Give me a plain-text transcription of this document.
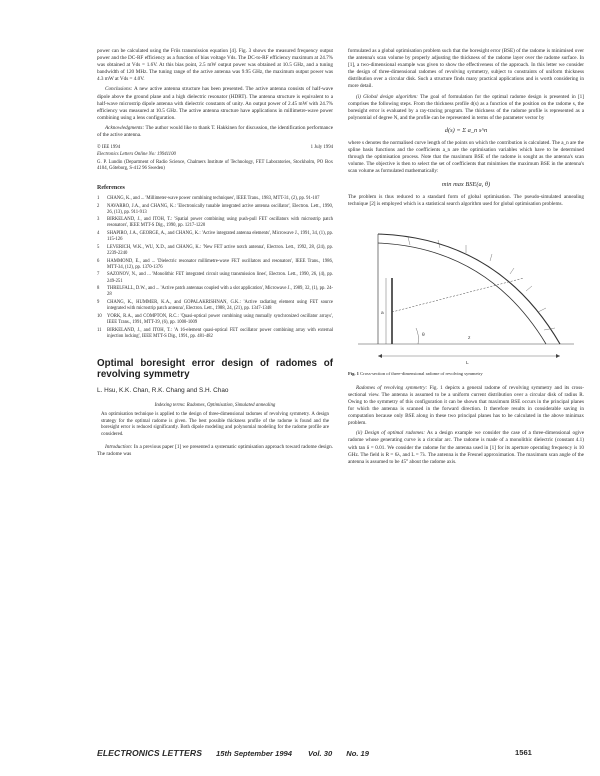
power can be calculated using the Friis transmission equation [4]. Fig. 3 shows the measured frequency output power and the DC-RF efficiency as a function of bias voltage Vds. The DC-to-RF efficiency maximum at 24.7% was obtained at Vds = 1.6V. At this bias point, 2.5 mW output power was obtained at 10.5 GHz, and a tuning bandwidth of 120 MHz. The tuning range of the active antenna was 9.95 GHz, the maximum output power was 4.3 mW at Vds = 4.0V.

Conclusions: A new active antenna structure has been presented. The active antenna consists of half-wave dipole above the ground plane and a high dielectric resonator (HDRT). The antenna structure is equivalent to a half-wave microstrip dipole antenna with dielectric constants of unity. An output power of 2.45 mW with 24.7% efficiency was measured at 10.5 GHz. The active antenna structure have applications in millimetre-wave power combining using a lens configuration.

Acknowledgments: The author would like to thank T. Hakkinen for discussion, the identification performance of the active antenna.

© IEE 1994	1 July 1994

Electronics Letters Online No: 19941100

G. P. Lundin (Department of Radio Science, Chalmers Institute of Technology, FET Laboratories, Stockholm, PO Box 4104, Göteborg, S-412 96 Sweden)

References

1	CHANG, K., and ... 'Millimeter-wave power combining techniques', IEEE Trans., 1983, MTT-31, (2), pp. 91-107
2	NAVARRO, J.A., and CHANG, K.: 'Electronically tunable integrated active antenna oscillator', Electron. Lett., 1990, 26, (13), pp. 911-913
3	BIRKELAND, J., and ITOH, T.: 'Spatial power combining using push-pull FET oscillators with microstrip patch resonators', IEEE MTT-S Dig., 1990, pp. 1217-1220
4	SHAPIRO, J.A., GEORGE, A., and CHANG, K.: 'Active integrated antenna elements', Microwave J., 1991, 34, (1), pp. 115-126
5	LEVERICH, W.K., WU, X.D., and CHANG, K.: 'New FET active notch antenna', Electron. Lett., 1992, 28, (24), pp. 2239-2240
6	HAMMOND, E., and ... 'Dielectric resonator millimetre-wave FET oscillators and resonators', IEEE Trans., 1986, MTT-34, (12), pp. 1370-1376
7	SAZONOV, N., and ... 'Monolithic FET integrated circuit using transmission lines', Electron. Lett., 1990, 26, (4), pp. 249-251
8	THRELFALL, D.W., and ... 'Active patch antennas coupled with a slot application', Microwave J., 1989, 32, (1), pp. 24-28
9	CHANG, K., HUMMER, K.A., and GOPALAKRISHNAN, G.K.: 'Active radiating element using FET source integrated with microstrip patch antenna', Electron. Lett., 1988, 24, (21), pp. 1347-1348
10	YORK, R.A., and COMPTON, R.C.: 'Quasi-optical power combining using mutually synchronized oscillator arrays', IEEE Trans., 1991, MTT-39, (6), pp. 1000-1009
11	BIRKELAND, J., and ITOH, T.: 'A 16-element quasi-optical FET oscillator power combining array with external injection locking', IEEE MTT-S Dig., 1991, pp. 481-482
Optimal boresight error design of radomes of revolving symmetry

L. Hsu, K.K. Chan, R.K. Chang and S.H. Chao

Indexing terms: Radomes, Optimisation, Simulated annealing

An optimisation technique is applied to the design of three-dimensional radomes of revolving symmetry. A design strategy for the optimal radome is given. The best possible thickness profile of the radome is found and the boresight error is reduced significantly. Both dipole modeling and polynomial modeling for the radome profile are considered.

Introduction: In a previous paper [1] we presented a systematic optimisation approach toward radome design. The radome was

formulated as a global optimisation problem such that the boresight error (BSE) of the radome is minimised over the antenna's scan volume by properly adjusting the thickness of the radome layer over the radome surface. In [1], a two-dimensional example was given to show the effectiveness of the approach. In this letter we consider the design of three-dimensional radomes of revolving symmetry, subject to constraints of uniform thickness distribution over a circular disk. Such a structure finds many practical applications and is worth considering in more detail.

(i) Global design algorithm: The goal of formulation for the optimal radome design is presented in [1] comprises the following steps. From the thickness profile d(s) as a function of the position on the radome s, the boresight error is evaluated by a ray-tracing program. The thickness of the radome profile is represented as a polynomial of degree N, and the profile can be represented in terms of the parameter vector by

d(s) = Σ a_n s^n

where s denotes the normalised curve length of the points on which the contribution is calculated. The a_n are the spline basis functions and the coefficients a_n are the optimisation variables which have to be determined through the optimisation process. Note that the maximum BSE of the radome is sought as the antenna's scan volume. The objective is then to select the set of coefficients that minimises the maximum BSE in the antenna's scan volume as formulated mathematically:

min max BSE(a, θ)

The problem is thus reduced to a standard form of global optimisation. The pseudo-simulated annealing technique [2] is employed which is a statistical search algorithm used for global optimisation problems.

z
a
L
θ

Fig. 1 Cross-section of three-dimensional radome of revolving symmetry

Radomes of revolving symmetry: Fig. 1 depicts a general radome of revolving symmetry and its cross-sectional view. The antenna is assumed to be a uniform current distribution over a circular disk of radius R. Owing to the symmetry of this configuration it can be shown that maximum BSE occurs in the principal planes for which the antenna is scanned in the forward direction. It therefore results in considerable saving in computation because only BSE along in these two principal planes has to be calculated in the above minimax problem.

(ii) Design of optimal radomes: As a design example we consider the case of a three-dimensional ogive radome whose generating curve is a circular arc. The radome is made of a monolithic dielectric (constant 4.1) with tan δ = 0.01. We consider the radome for the antenna used in [1] for its aperture operating frequency is 10 GHz. The field is R = 6λ, and L = 7λ. The antenna is the Fresnel approximation. The maximum scan angle of the antenna is assumed to be 45° about the radome axis.

ELECTRONICS LETTERS 15th September 1994 Vol. 30 No. 19	1561
